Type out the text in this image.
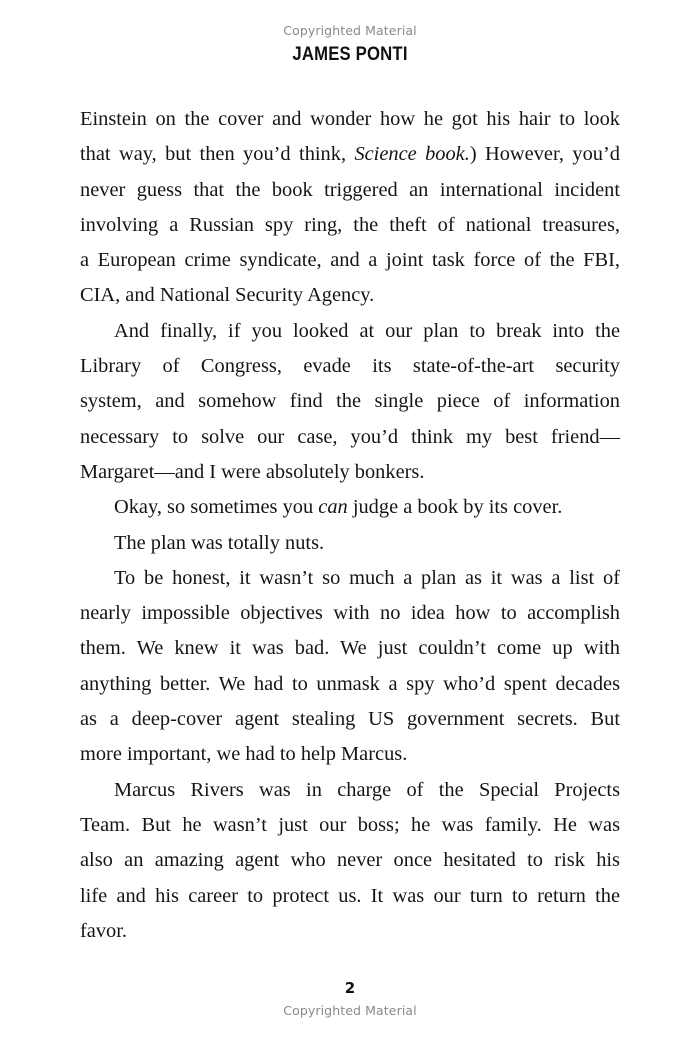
Copyrighted Material
JAMES PONTI
Einstein on the cover and wonder how he got his hair to look
that way, but then you’d think, Science book.) However, you’d
never guess that the book triggered an international incident
involving a Russian spy ring, the theft of national treasures,
a European crime syndicate, and a joint task force of the FBI,
CIA, and National Security Agency.
And finally, if you looked at our plan to break into the
Library of Congress, evade its state-of-the-art security
system, and somehow find the single piece of information
necessary to solve our case, you’d think my best friend—
Margaret—and I were absolutely bonkers.
Okay, so sometimes you can judge a book by its cover.
The plan was totally nuts.
To be honest, it wasn’t so much a plan as it was a list of
nearly impossible objectives with no idea how to accomplish
them. We knew it was bad. We just couldn’t come up with
anything better. We had to unmask a spy who’d spent decades
as a deep-cover agent stealing US government secrets. But
more important, we had to help Marcus.
Marcus Rivers was in charge of the Special Projects
Team. But he wasn’t just our boss; he was family. He was
also an amazing agent who never once hesitated to risk his
life and his career to protect us. It was our turn to return the
favor.
2
Copyrighted Material
